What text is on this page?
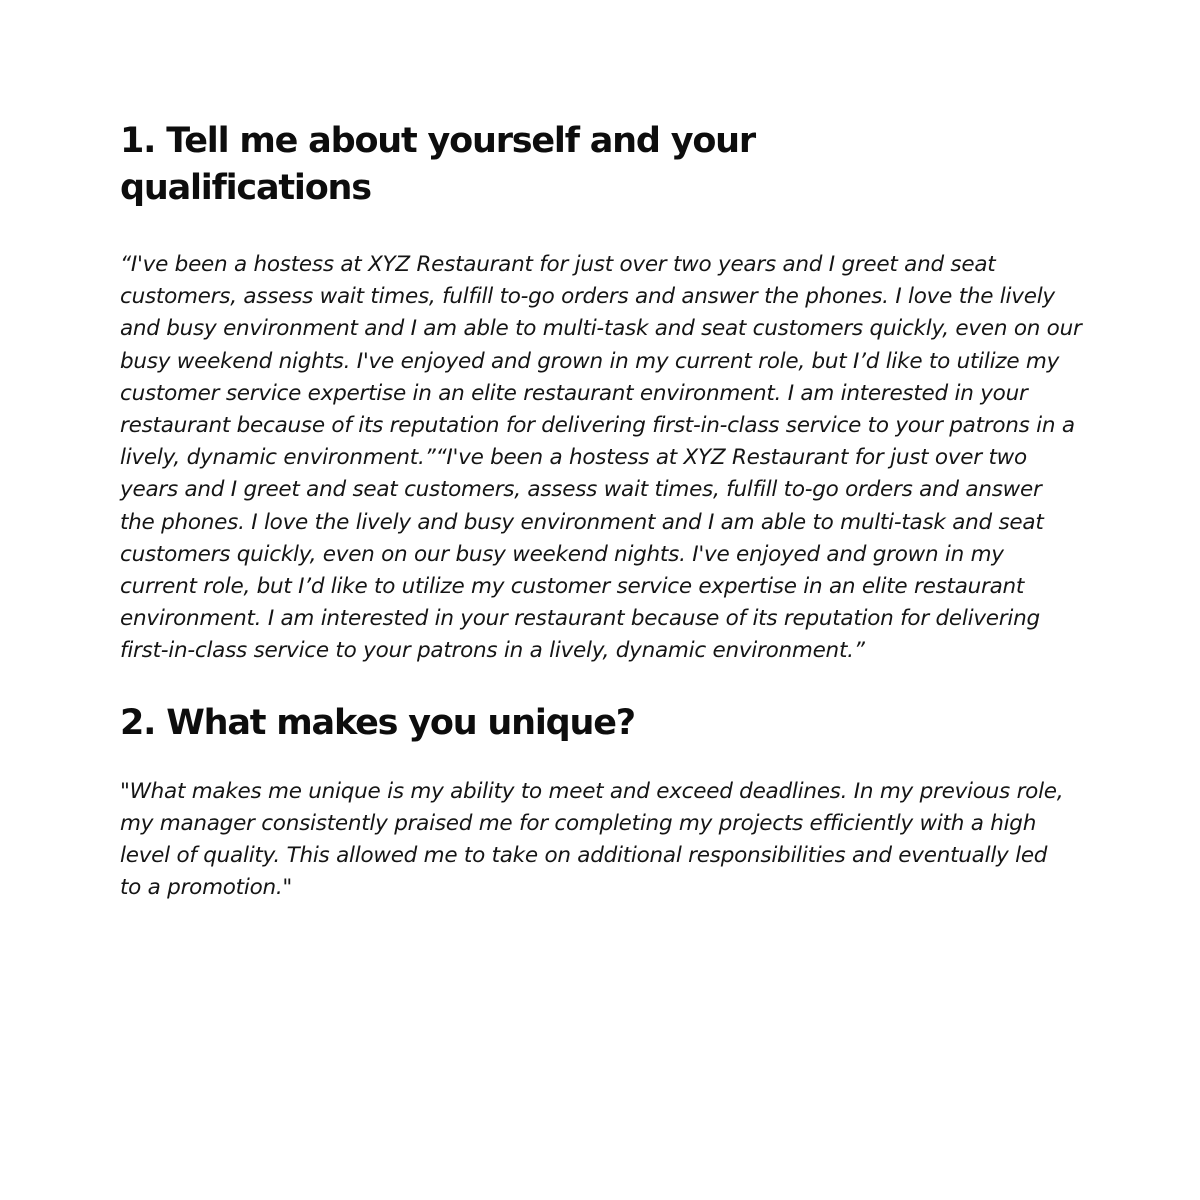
1. Tell me about yourself and your qualifications

“I've been a hostess at XYZ Restaurant for just over two years and I greet and seat customers, assess wait times, fulfill to-go orders and answer the phones. I love the lively and busy environment and I am able to multi-task and seat customers quickly, even on our busy weekend nights. I've enjoyed and grown in my current role, but I’d like to utilize my customer service expertise in an elite restaurant environment. I am interested in your restaurant because of its reputation for delivering first-in-class service to your patrons in a lively, dynamic environment.”“I've been a hostess at XYZ Restaurant for just over two years and I greet and seat customers, assess wait times, fulfill to-go orders and answer the phones. I love the lively and busy environment and I am able to multi-task and seat customers quickly, even on our busy weekend nights. I've enjoyed and grown in my current role, but I’d like to utilize my customer service expertise in an elite restaurant environment. I am interested in your restaurant because of its reputation for delivering first-in-class service to your patrons in a lively, dynamic environment.”

2. What makes you unique?

"What makes me unique is my ability to meet and exceed deadlines. In my previous role, my manager consistently praised me for completing my projects efficiently with a high level of quality. This allowed me to take on additional responsibilities and eventually led to a promotion."
